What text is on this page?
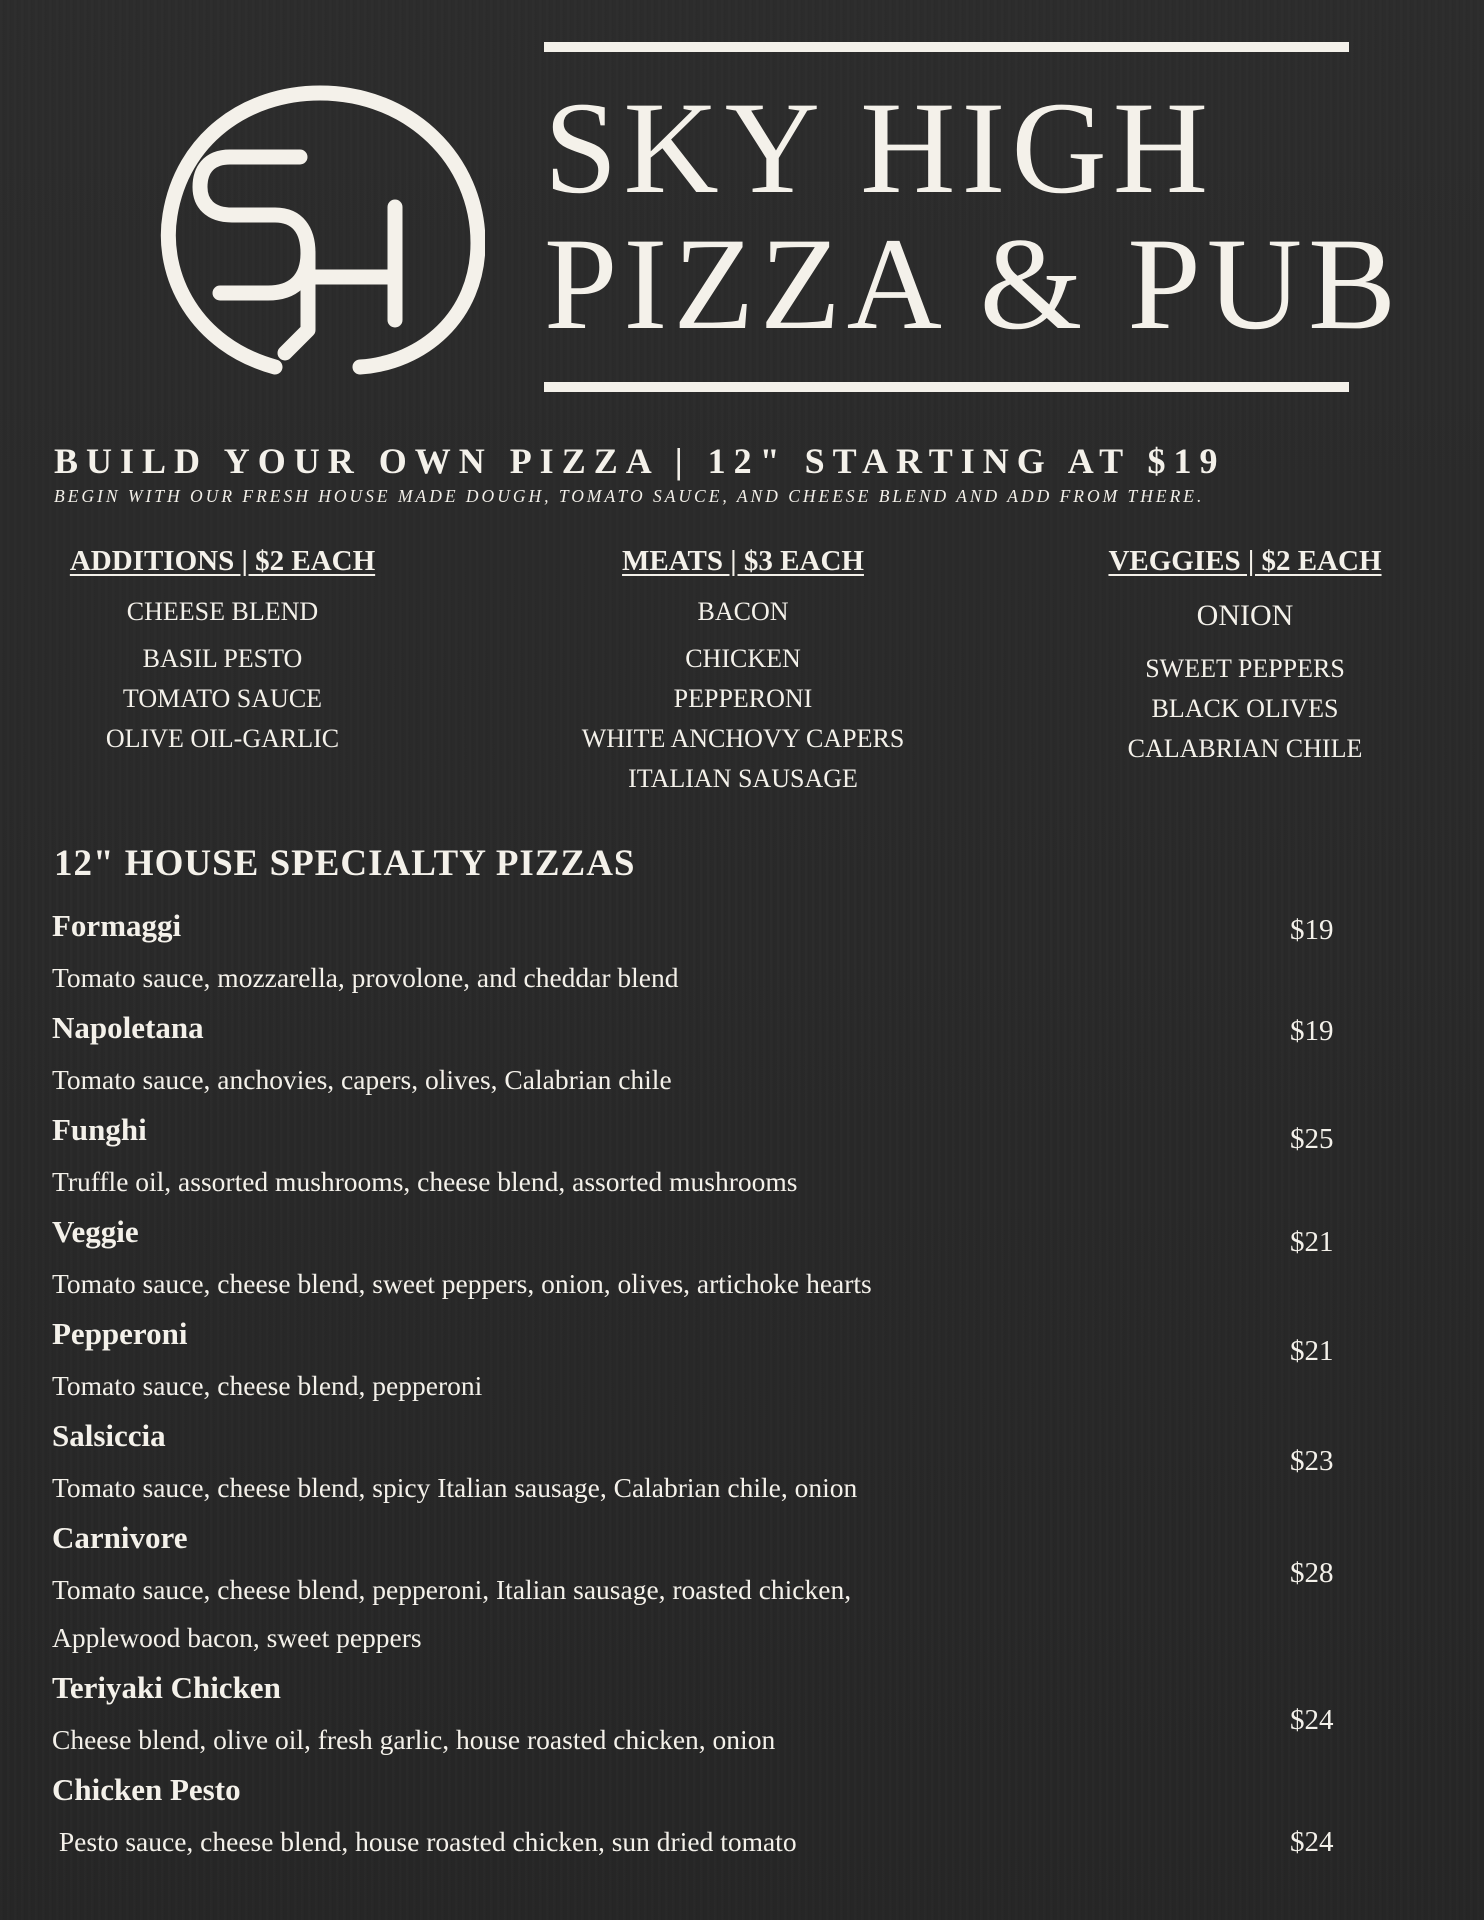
SKY HIGH
PIZZA & PUB
BUILD YOUR OWN PIZZA | 12" STARTING AT $19
BEGIN WITH OUR FRESH HOUSE MADE DOUGH, TOMATO SAUCE, AND CHEESE BLEND AND ADD FROM THERE.
ADDITIONS | $2 EACH
CHEESE BLEND
BASIL PESTO
TOMATO SAUCE
OLIVE OIL-GARLIC
MEATS | $3 EACH
BACON
CHICKEN
PEPPERONI
WHITE ANCHOVY CAPERS
ITALIAN SAUSAGE
VEGGIES | $2 EACH
ONION
SWEET PEPPERS
BLACK OLIVES
CALABRIAN CHILE
12" HOUSE SPECIALTY PIZZAS
Formaggi
Tomato sauce, mozzarella, provolone, and cheddar blend
$19
Napoletana
Tomato sauce, anchovies, capers, olives, Calabrian chile
$19
Funghi
Truffle oil, assorted mushrooms, cheese blend, assorted mushrooms
$25
Veggie
Tomato sauce, cheese blend, sweet peppers, onion, olives, artichoke hearts
$21
Pepperoni
Tomato sauce, cheese blend, pepperoni
$21
Salsiccia
Tomato sauce, cheese blend, spicy Italian sausage, Calabrian chile, onion
$23
Carnivore
Tomato sauce, cheese blend, pepperoni, Italian sausage, roasted chicken,
Applewood bacon, sweet peppers
$28
Teriyaki Chicken
Cheese blend, olive oil, fresh garlic, house roasted chicken, onion
$24
Chicken Pesto
Pesto sauce, cheese blend, house roasted chicken, sun dried tomato	$24
